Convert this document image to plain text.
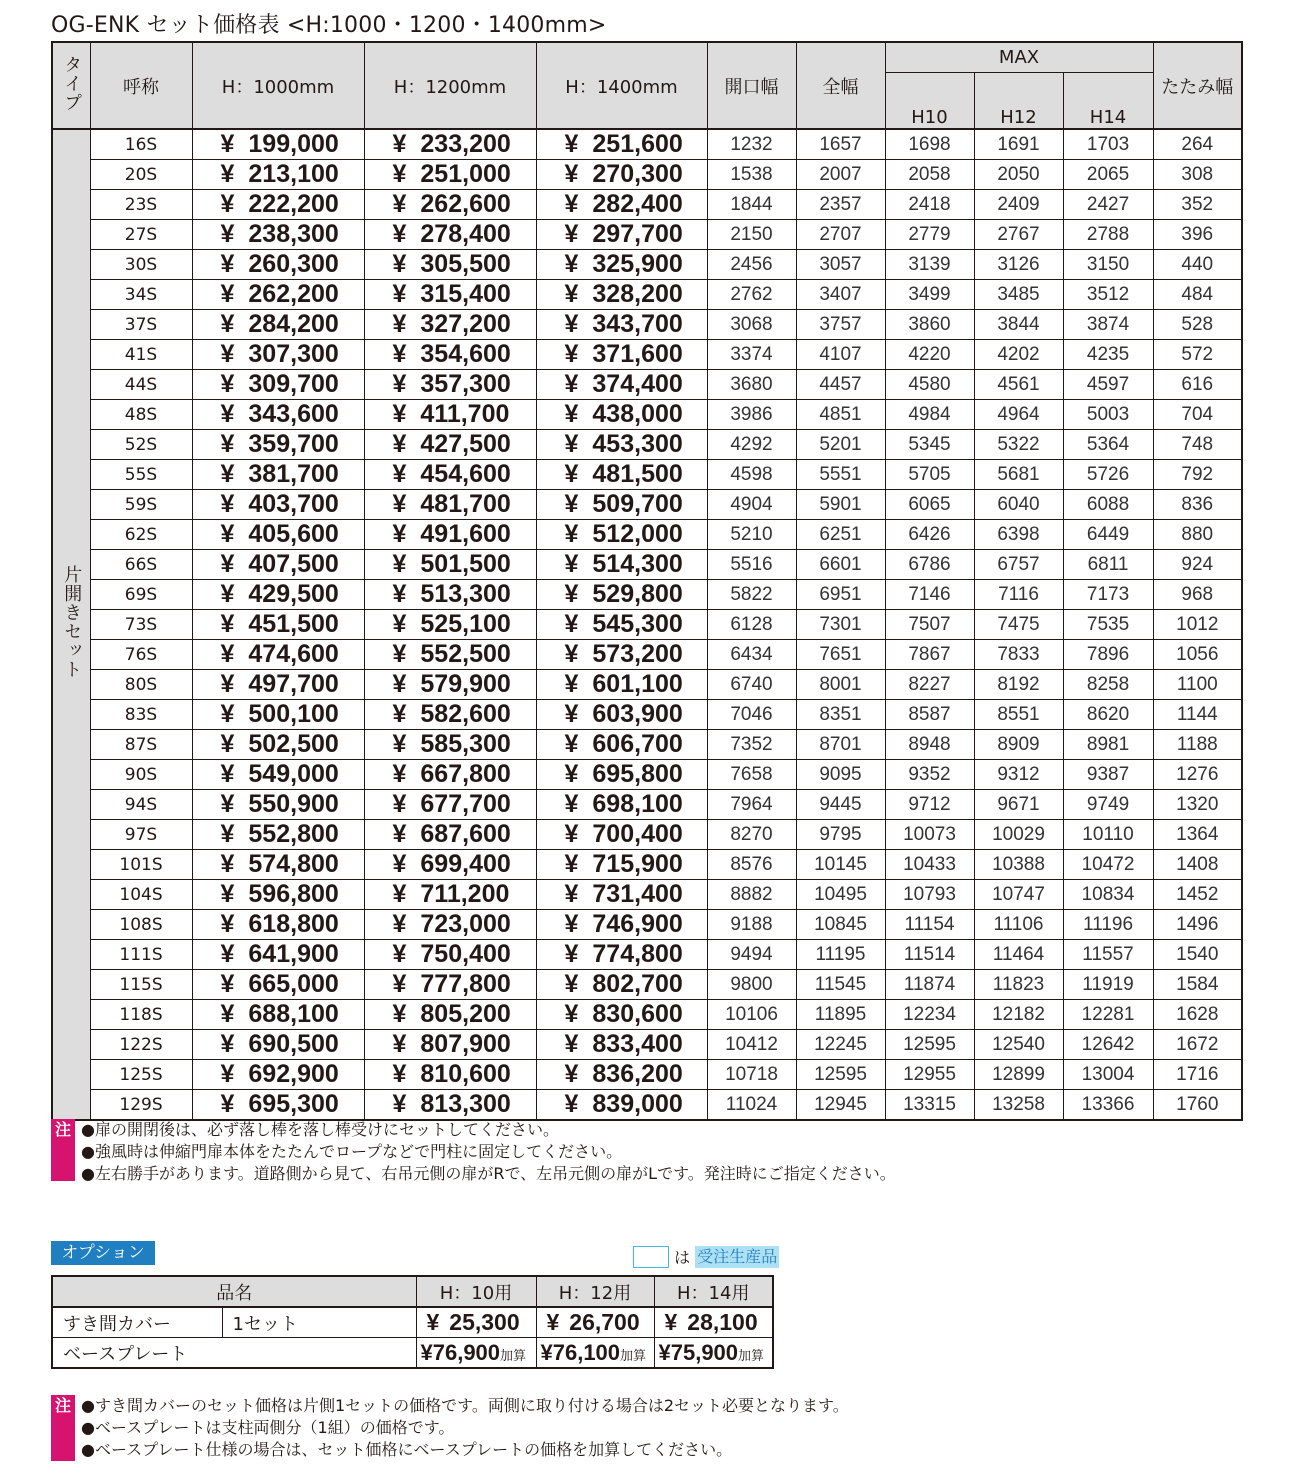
OG-ENK セット価格表 <H:1000・1200・1400mm>
タイプ	呼称	H：1000mm	H：1200mm	H：1400mm	開口幅	全幅	MAX			たたみ幅
							H10	H12	H14	
片開きセット	16S	¥ 199,000	¥ 233,200	¥ 251,600	1232	1657	1698	1691	1703	264
	20S	¥ 213,100	¥ 251,000	¥ 270,300	1538	2007	2058	2050	2065	308
	23S	¥ 222,200	¥ 262,600	¥ 282,400	1844	2357	2418	2409	2427	352
	27S	¥ 238,300	¥ 278,400	¥ 297,700	2150	2707	2779	2767	2788	396
	30S	¥ 260,300	¥ 305,500	¥ 325,900	2456	3057	3139	3126	3150	440
	34S	¥ 262,200	¥ 315,400	¥ 328,200	2762	3407	3499	3485	3512	484
	37S	¥ 284,200	¥ 327,200	¥ 343,700	3068	3757	3860	3844	3874	528
	41S	¥ 307,300	¥ 354,600	¥ 371,600	3374	4107	4220	4202	4235	572
	44S	¥ 309,700	¥ 357,300	¥ 374,400	3680	4457	4580	4561	4597	616
	48S	¥ 343,600	¥ 411,700	¥ 438,000	3986	4851	4984	4964	5003	704
	52S	¥ 359,700	¥ 427,500	¥ 453,300	4292	5201	5345	5322	5364	748
	55S	¥ 381,700	¥ 454,600	¥ 481,500	4598	5551	5705	5681	5726	792
	59S	¥ 403,700	¥ 481,700	¥ 509,700	4904	5901	6065	6040	6088	836
	62S	¥ 405,600	¥ 491,600	¥ 512,000	5210	6251	6426	6398	6449	880
	66S	¥ 407,500	¥ 501,500	¥ 514,300	5516	6601	6786	6757	6811	924
	69S	¥ 429,500	¥ 513,300	¥ 529,800	5822	6951	7146	7116	7173	968
	73S	¥ 451,500	¥ 525,100	¥ 545,300	6128	7301	7507	7475	7535	1012
	76S	¥ 474,600	¥ 552,500	¥ 573,200	6434	7651	7867	7833	7896	1056
	80S	¥ 497,700	¥ 579,900	¥ 601,100	6740	8001	8227	8192	8258	1100
	83S	¥ 500,100	¥ 582,600	¥ 603,900	7046	8351	8587	8551	8620	1144
	87S	¥ 502,500	¥ 585,300	¥ 606,700	7352	8701	8948	8909	8981	1188
	90S	¥ 549,000	¥ 667,800	¥ 695,800	7658	9095	9352	9312	9387	1276
	94S	¥ 550,900	¥ 677,700	¥ 698,100	7964	9445	9712	9671	9749	1320
	97S	¥ 552,800	¥ 687,600	¥ 700,400	8270	9795	10073	10029	10110	1364
	101S	¥ 574,800	¥ 699,400	¥ 715,900	8576	10145	10433	10388	10472	1408
	104S	¥ 596,800	¥ 711,200	¥ 731,400	8882	10495	10793	10747	10834	1452
	108S	¥ 618,800	¥ 723,000	¥ 746,900	9188	10845	11154	11106	11196	1496
	111S	¥ 641,900	¥ 750,400	¥ 774,800	9494	11195	11514	11464	11557	1540
	115S	¥ 665,000	¥ 777,800	¥ 802,700	9800	11545	11874	11823	11919	1584
	118S	¥ 688,100	¥ 805,200	¥ 830,600	10106	11895	12234	12182	12281	1628
	122S	¥ 690,500	¥ 807,900	¥ 833,400	10412	12245	12595	12540	12642	1672
	125S	¥ 692,900	¥ 810,600	¥ 836,200	10718	12595	12955	12899	13004	1716
	129S	¥ 695,300	¥ 813,300	¥ 839,000	11024	12945	13315	13258	13366	1760
注 ●扉の開閉後は、必ず落し棒を落し棒受けにセットしてください。
●強風時は伸縮門扉本体をたたんでロープなどで門柱に固定してください。
●左右勝手があります。道路側から見て、右吊元側の扉がRで、左吊元側の扉がLです。発注時にご指定ください。
オプション	は 受注生産品
品名		H：10用	H：12用	H：14用
すき間カバー	1セット	¥ 25,300	¥ 26,700	¥ 28,100
ベースプレート		¥76,900加算	¥76,100加算	¥75,900加算
注 ●すき間カバーのセット価格は片側1セットの価格です。両側に取り付ける場合は2セット必要となります。
●ベースプレートは支柱両側分（1組）の価格です。
●ベースプレート仕様の場合は、セット価格にベースプレートの価格を加算してください。
